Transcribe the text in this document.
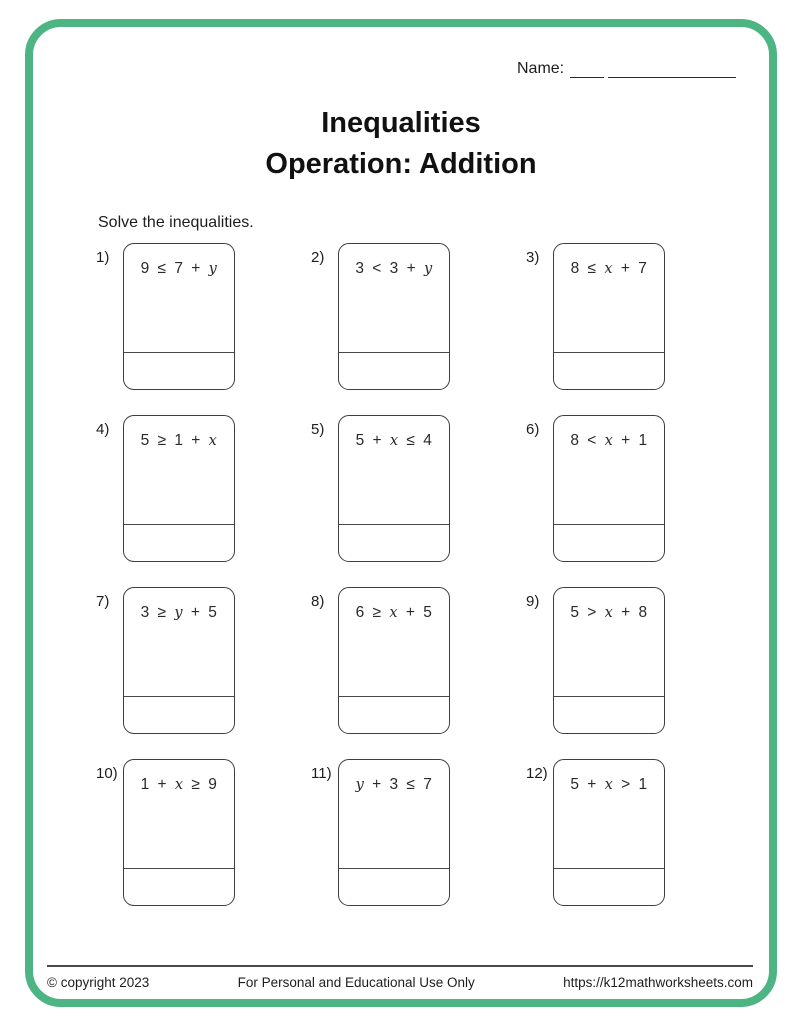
Name:
Inequalities
Operation: Addition
Solve the inequalities.
1)
9 ≤ 7 + y
2)
3 < 3 + y
3)
8 ≤ x + 7
4)
5 ≥ 1 + x
5)
5 + x ≤ 4
6)
8 < x + 1
7)
3 ≥ y + 5
8)
6 ≥ x + 5
9)
5 > x + 8
10)
1 + x ≥ 9
11)
y + 3 ≤ 7
12)
5 + x > 1
© copyright 2023	For Personal and Educational Use Only	https://k12mathworksheets.com
